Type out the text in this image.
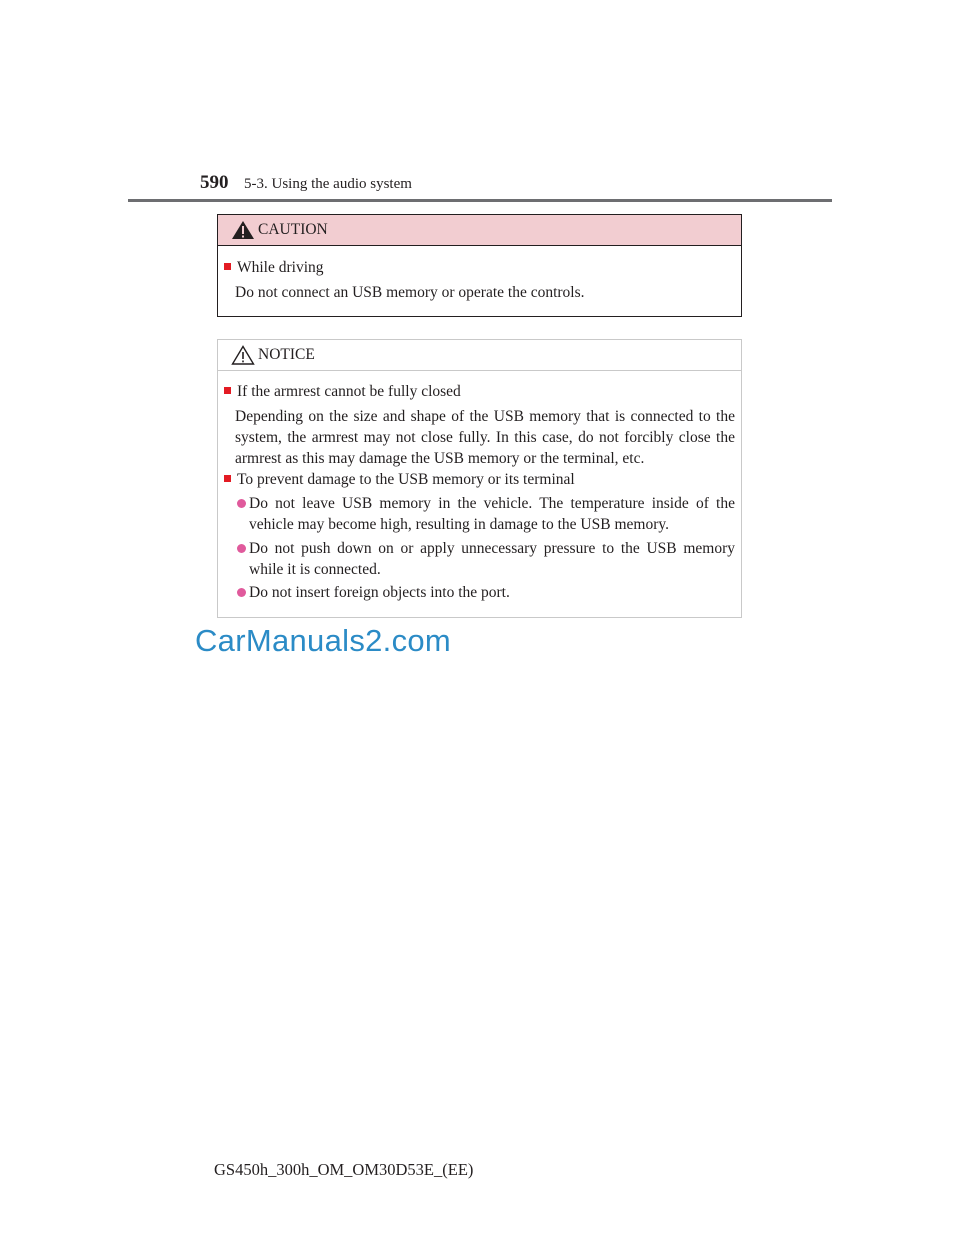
590 5-3. Using the audio system
CAUTION
While driving
Do not connect an USB memory or operate the controls.
NOTICE
If the armrest cannot be fully closed
Depending on the size and shape of the USB memory that is connected to the system, the armrest may not close fully. In this case, do not forcibly close the armrest as this may damage the USB memory or the terminal, etc.
To prevent damage to the USB memory or its terminal
Do not leave USB memory in the vehicle. The temperature inside of the vehicle may become high, resulting in damage to the USB memory.
Do not push down on or apply unnecessary pressure to the USB memory while it is connected.
Do not insert foreign objects into the port.
CarManuals2.com
GS450h_300h_OM_OM30D53E_(EE)
